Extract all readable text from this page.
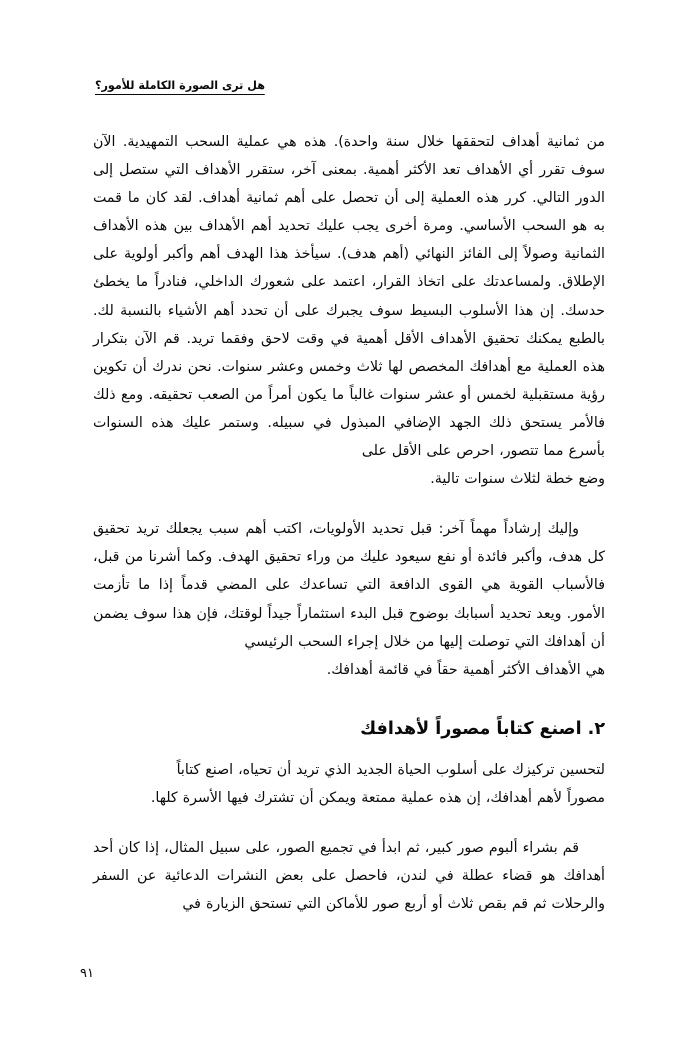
هل ترى الصورة الكاملة للأمور؟

من ثمانية أهداف لتحققها خلال سنة واحدة). هذه هي عملية السحب التمهيدية. الآن سوف تقرر أي الأهداف تعد الأكثر أهمية. بمعنى آخر، ستقرر الأهداف التي ستصل إلى الدور التالي. كرر هذه العملية إلى أن تحصل على أهم ثمانية أهداف. لقد كان ما قمت به هو السحب الأساسي. ومرة أخرى يجب عليك تحديد أهم الأهداف بين هذه الأهداف الثمانية وصولاً إلى الفائز النهائي (أهم هدف). سيأخذ هذا الهدف أهم وأكبر أولوية على الإطلاق. ولمساعدتك على اتخاذ القرار، اعتمد على شعورك الداخلي، فنادراً ما يخطئ حدسك. إن هذا الأسلوب البسيط سوف يجبرك على أن تحدد أهم الأشياء بالنسبة لك. بالطبع يمكنك تحقيق الأهداف الأقل أهمية في وقت لاحق وفقما تريد. قم الآن بتكرار هذه العملية مع أهدافك المخصص لها ثلاث وخمس وعشر سنوات. نحن ندرك أن تكوين رؤية مستقبلية لخمس أو عشر سنوات غالباً ما يكون أمراً من الصعب تحقيقه. ومع ذلك فالأمر يستحق ذلك الجهد الإضافي المبذول في سبيله. وستمر عليك هذه السنوات بأسرع مما تتصور، احرص على الأقل على

وضع خطة لثلاث سنوات تالية.

وإليك إرشاداً مهماً آخر: قبل تحديد الأولويات، اكتب أهم سبب يجعلك تريد تحقيق كل هدف، وأكبر فائدة أو نفع سيعود عليك من وراء تحقيق الهدف. وكما أشرنا من قبل، فالأسباب القوية هي القوى الدافعة التي تساعدك على المضي قدماً إذا ما تأزمت الأمور. ويعد تحديد أسبابك بوضوح قبل البدء استثماراً جيداً لوقتك، فإن هذا سوف يضمن أن أهدافك التي توصلت إليها من خلال إجراء السحب الرئيسي

هي الأهداف الأكثر أهمية حقاً في قائمة أهدافك.

٢. اصنع كتاباً مصوراً لأهدافك

لتحسين تركيزك على أسلوب الحياة الجديد الذي تريد أن تحياه، اصنع كتاباً

مصوراً لأهم أهدافك، إن هذه عملية ممتعة ويمكن أن تشترك فيها الأسرة كلها.

قم بشراء ألبوم صور كبير، ثم ابدأ في تجميع الصور، على سبيل المثال، إذا كان أحد أهدافك هو قضاء عطلة في لندن، فاحصل على بعض النشرات الدعائية عن السفر والرحلات ثم قم بقص ثلاث أو أربع صور للأماكن التي تستحق الزيارة في

٩١
